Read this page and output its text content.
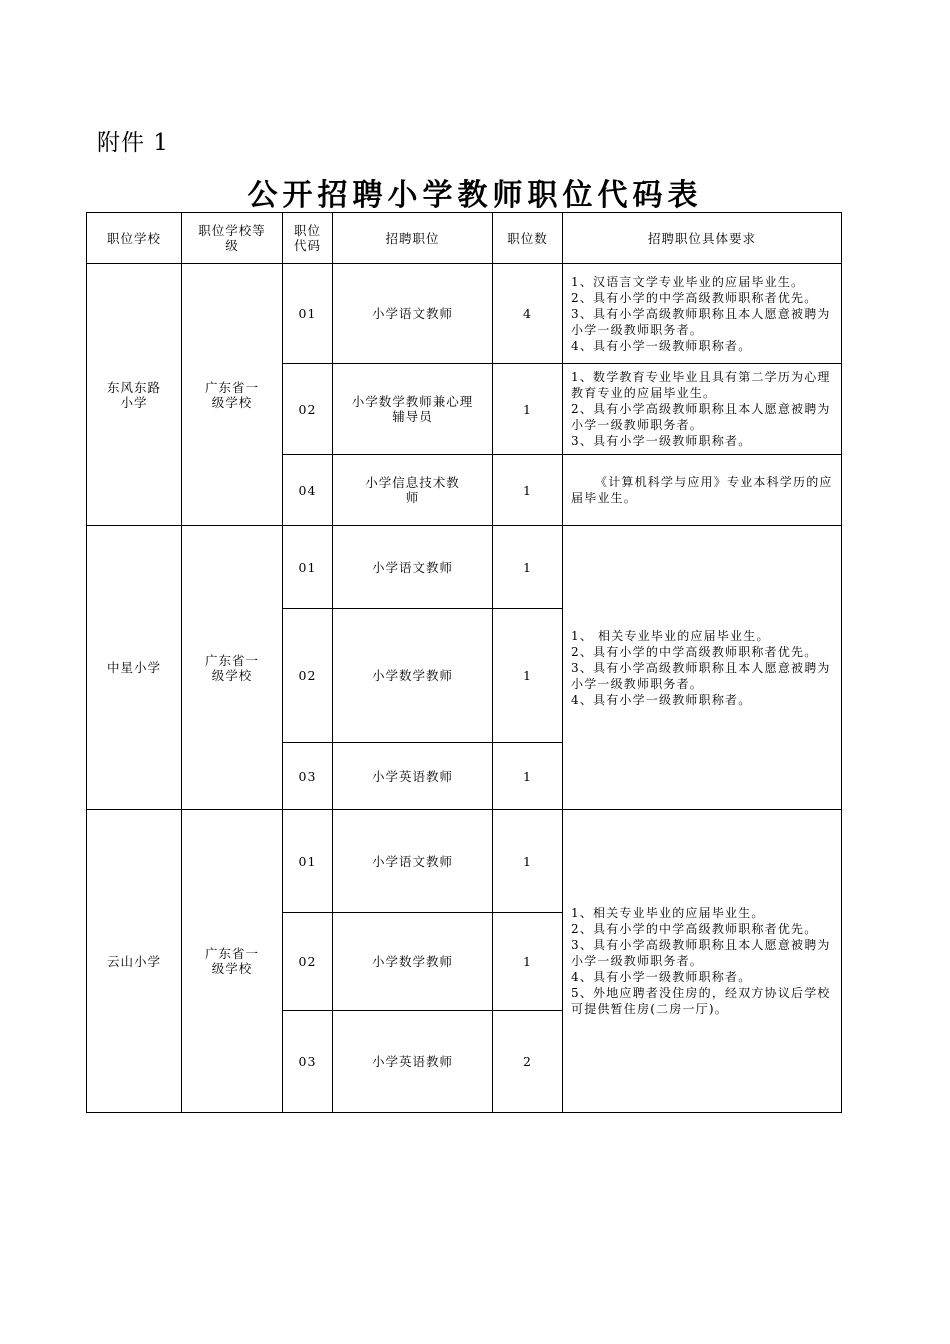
附件 1
公开招聘小学教师职位代码表
职位学校	职位学校等级	职位代码	招聘职位	职位数	招聘职位具体要求

东风东路小学	广东省一级学校	01	小学语文教师	4	1、汉语言文学专业毕业的应届毕业生。
2、具有小学的中学高级教师职称者优先。
3、具有小学高级教师职称且本人愿意被聘为小学一级教师职务者。
4、具有小学一级教师职称者。

		02	小学数学教师兼心理辅导员	1	1、数学教育专业毕业且具有第二学历为心理教育专业的应届毕业生。
2、具有小学高级教师职称且本人愿意被聘为小学一级教师职务者。
3、具有小学一级教师职称者。

		04	小学信息技术教师	1	《计算机科学与应用》专业本科学历的应届毕业生。

中星小学	广东省一级学校	01	小学语文教师	1	1、 相关专业毕业的应届毕业生。
2、具有小学的中学高级教师职称者优先。
3、具有小学高级教师职称且本人愿意被聘为小学一级教师职务者。
4、具有小学一级教师职称者。

		02	小学数学教师	1	
		03	小学英语教师	1	

云山小学	广东省一级学校	01	小学语文教师	1	1、相关专业毕业的应届毕业生。
2、具有小学的中学高级教师职称者优先。
3、具有小学高级教师职称且本人愿意被聘为小学一级教师职务者。
4、具有小学一级教师职称者。
5、外地应聘者没住房的，经双方协议后学校可提供暂住房(二房一厅)。

		02	小学数学教师	1	
		03	小学英语教师	2	
